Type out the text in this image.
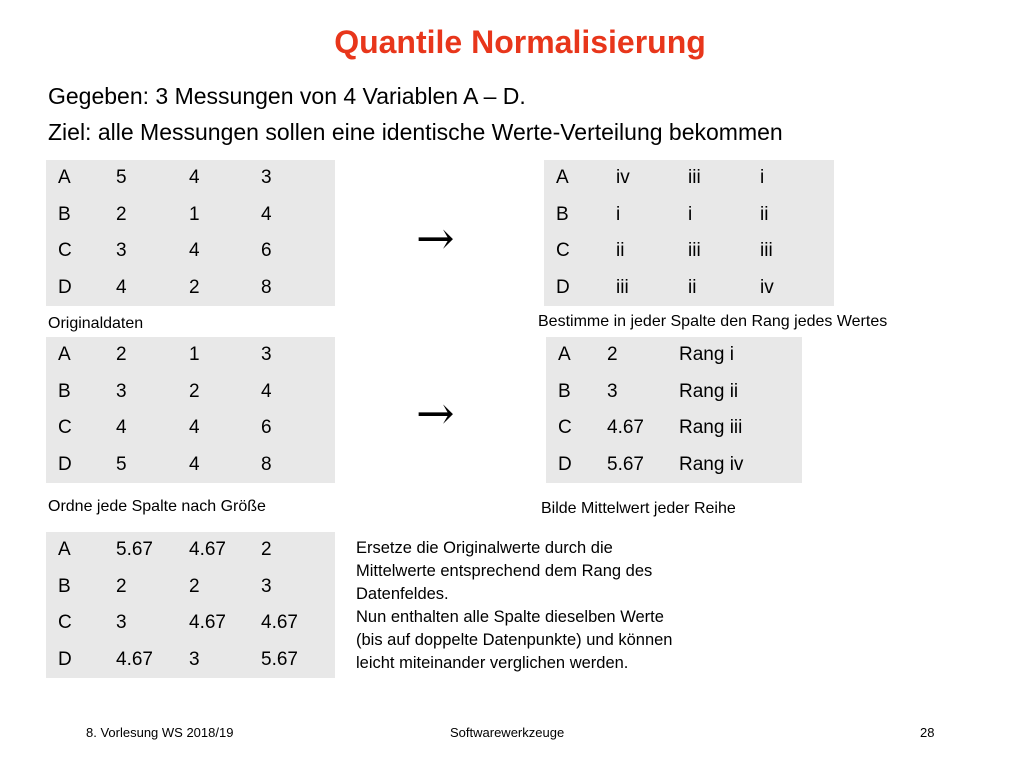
Quantile Normalisierung
Gegeben: 3 Messungen von 4 Variablen A – D.
Ziel: alle Messungen sollen eine identische Werte-Verteilung bekommen
A	5	4	3
B	2	1	4
C	3	4	6
D	4	2	8
Originaldaten
→
A	iv	iii	i
B	i	i	ii
C	ii	iii	iii
D	iii	ii	iv
Bestimme in jeder Spalte den Rang jedes Wertes
A	2	1	3
B	3	2	4
C	4	4	6
D	5	4	8
Ordne jede Spalte nach Größe
→
A	2	Rang i
B	3	Rang ii
C	4.67	Rang iii
D	5.67	Rang iv
Bilde Mittelwert jeder Reihe
A	5.67	4.67	2
B	2	2	3
C	3	4.67	4.67
D	4.67	3	5.67
Ersetze die Originalwerte durch die
Mittelwerte entsprechend dem Rang des
Datenfeldes.
Nun enthalten alle Spalte dieselben Werte
(bis auf doppelte Datenpunkte) und können
leicht miteinander verglichen werden.
8. Vorlesung WS 2018/19	Softwarewerkzeuge	28
